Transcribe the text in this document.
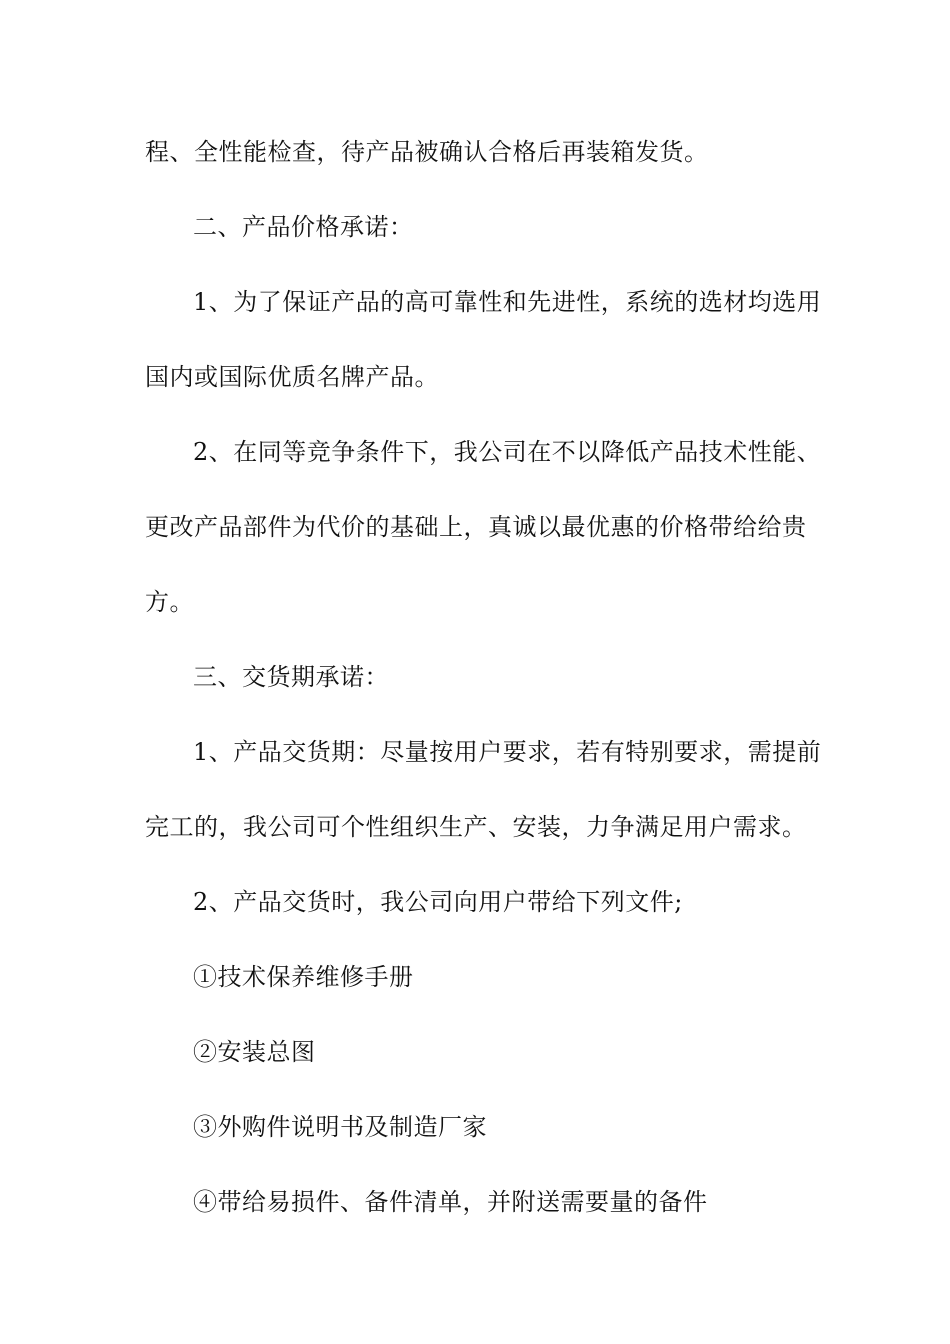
程、全性能检查，待产品被确认合格后再装箱发货。
二、产品价格承诺：
1、为了保证产品的高可靠性和先进性，系统的选材均选用
国内或国际优质名牌产品。
2、在同等竞争条件下，我公司在不以降低产品技术性能、
更改产品部件为代价的基础上，真诚以最优惠的价格带给给贵
方。
三、交货期承诺：
1、产品交货期：尽量按用户要求，若有特别要求，需提前
完工的，我公司可个性组织生产、安装，力争满足用户需求。
2、产品交货时，我公司向用户带给下列文件;
①技术保养维修手册
②安装总图
③外购件说明书及制造厂家
④带给易损件、备件清单，并附送需要量的备件
